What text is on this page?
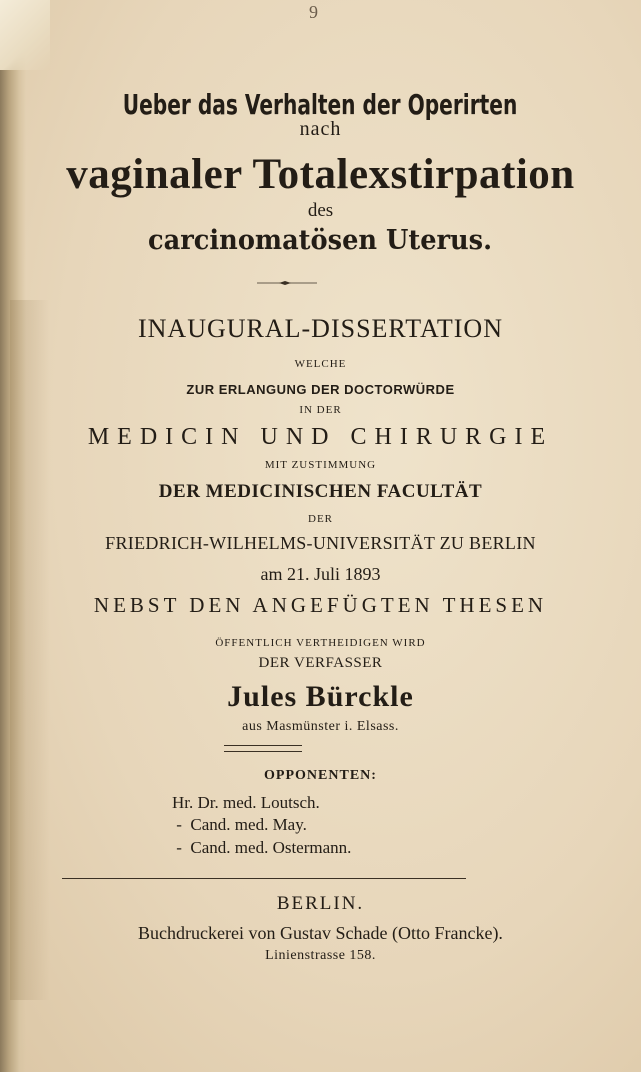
9
Ueber das Verhalten der Operirten
nach
vaginaler Totalexstirpation
des
carcinomatösen Uterus.
INAUGURAL-DISSERTATION
WELCHE
ZUR ERLANGUNG DER DOCTORWÜRDE
IN DER
MEDICIN UND CHIRURGIE
MIT ZUSTIMMUNG
DER MEDICINISCHEN FACULTÄT
DER
FRIEDRICH-WILHELMS-UNIVERSITÄT ZU BERLIN
am 21. Juli 1893
NEBST DEN ANGEFÜGTEN THESEN
ÖFFENTLICH VERTHEIDIGEN WIRD
DER VERFASSER
Jules Bürckle
aus Masmünster i. Elsass.
OPPONENTEN:
Hr. Dr. med. Loutsch.
-  Cand. med. May.
-  Cand. med. Ostermann.
BERLIN.
Buchdruckerei von Gustav Schade (Otto Francke).
Linienstrasse 158.
